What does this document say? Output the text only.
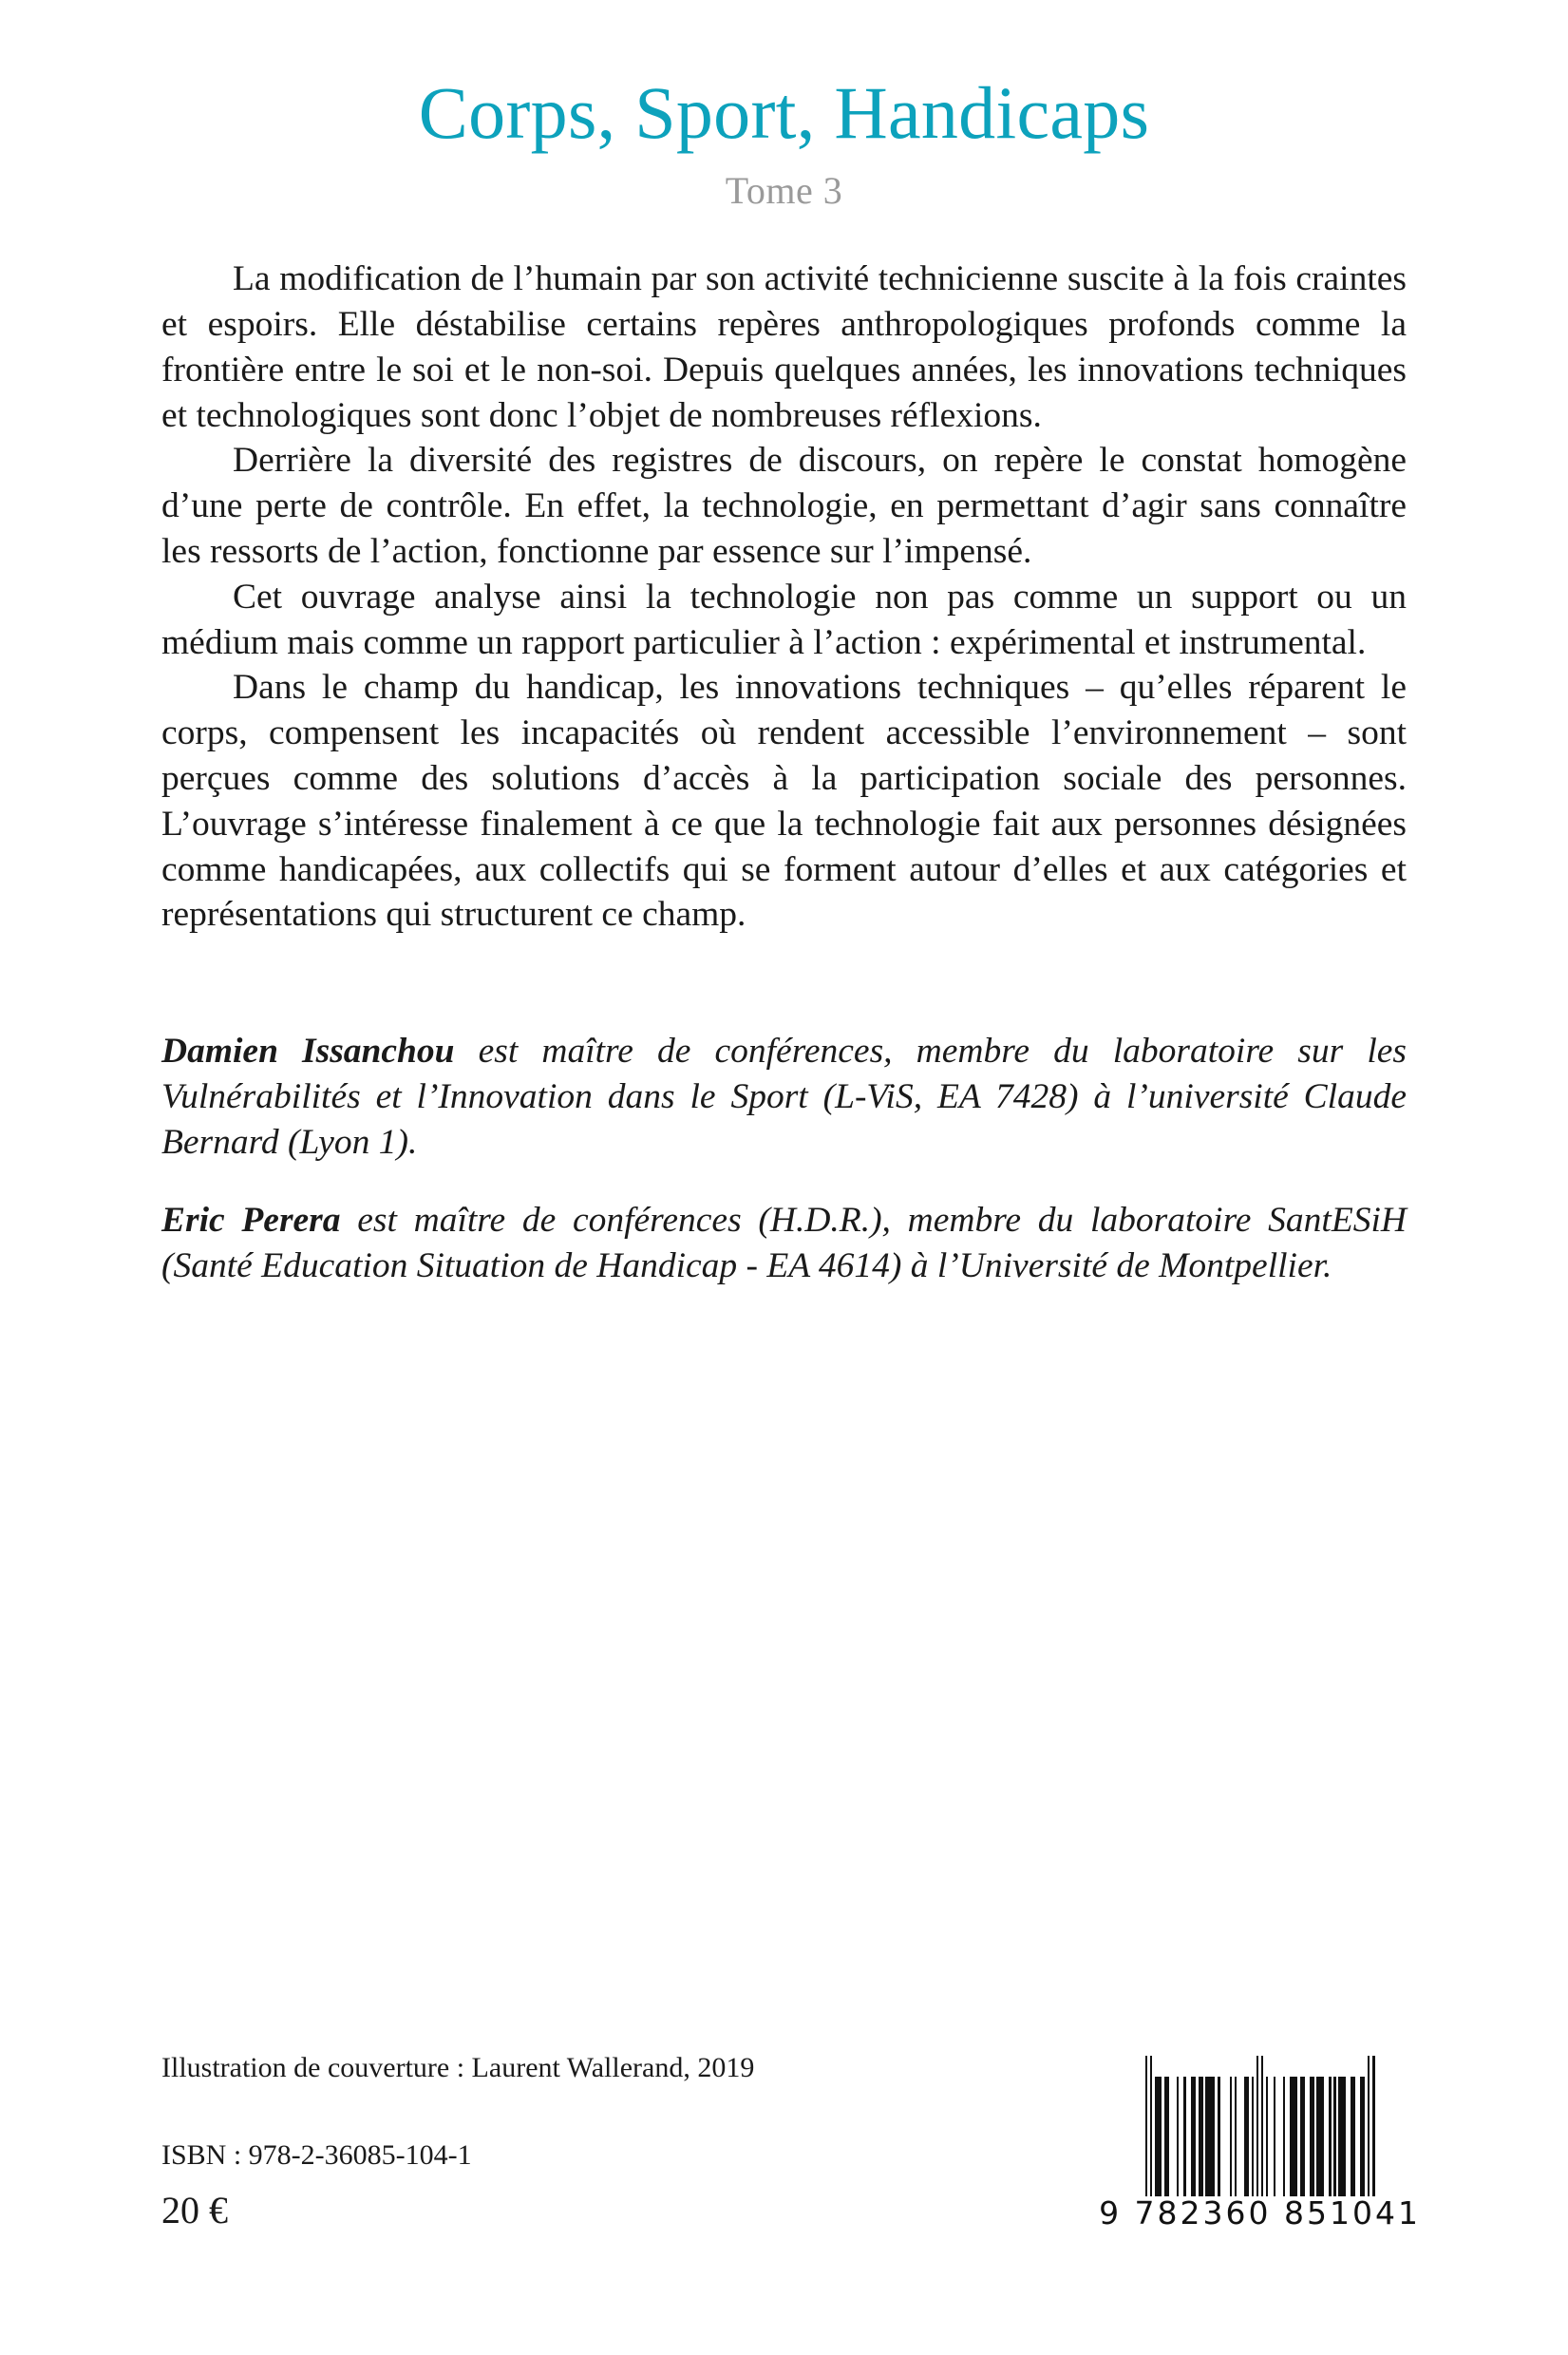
Corps, Sport, Handicaps
Tome 3

La modification de l’humain par son activité technicienne suscite à la fois craintes et espoirs. Elle déstabilise certains repères anthropologiques profonds comme la frontière entre le soi et le non-soi. Depuis quelques années, les innovations techniques et technologiques sont donc l’objet de nombreuses réflexions.

Derrière la diversité des registres de discours, on repère le constat homogène d’une perte de contrôle. En effet, la technologie, en permettant d’agir sans connaître les ressorts de l’action, fonctionne par essence sur l’impensé.

Cet ouvrage analyse ainsi la technologie non pas comme un support ou un médium mais comme un rapport particulier à l’action : expérimental et instrumental.

Dans le champ du handicap, les innovations techniques – qu’elles réparent le corps, compensent les incapacités où rendent accessible l’environnement – sont perçues comme des solutions d’accès à la participation sociale des personnes. L’ouvrage s’intéresse finalement à ce que la technologie fait aux personnes désignées comme handicapées, aux collectifs qui se forment autour d’elles et aux catégories et représentations qui structurent ce champ.

Damien Issanchou est maître de conférences, membre du laboratoire sur les Vulnérabilités et l’Innovation dans le Sport (L-ViS, EA 7428) à l’université Claude Bernard (Lyon 1).

Eric Perera est maître de conférences (H.D.R.), membre du laboratoire SantESiH (Santé Education Situation de Handicap - EA 4614) à l’Université de Montpellier.

Illustration de couverture : Laurent Wallerand, 2019

ISBN : 978-2-36085-104-1

20 €	9 782360 851041
